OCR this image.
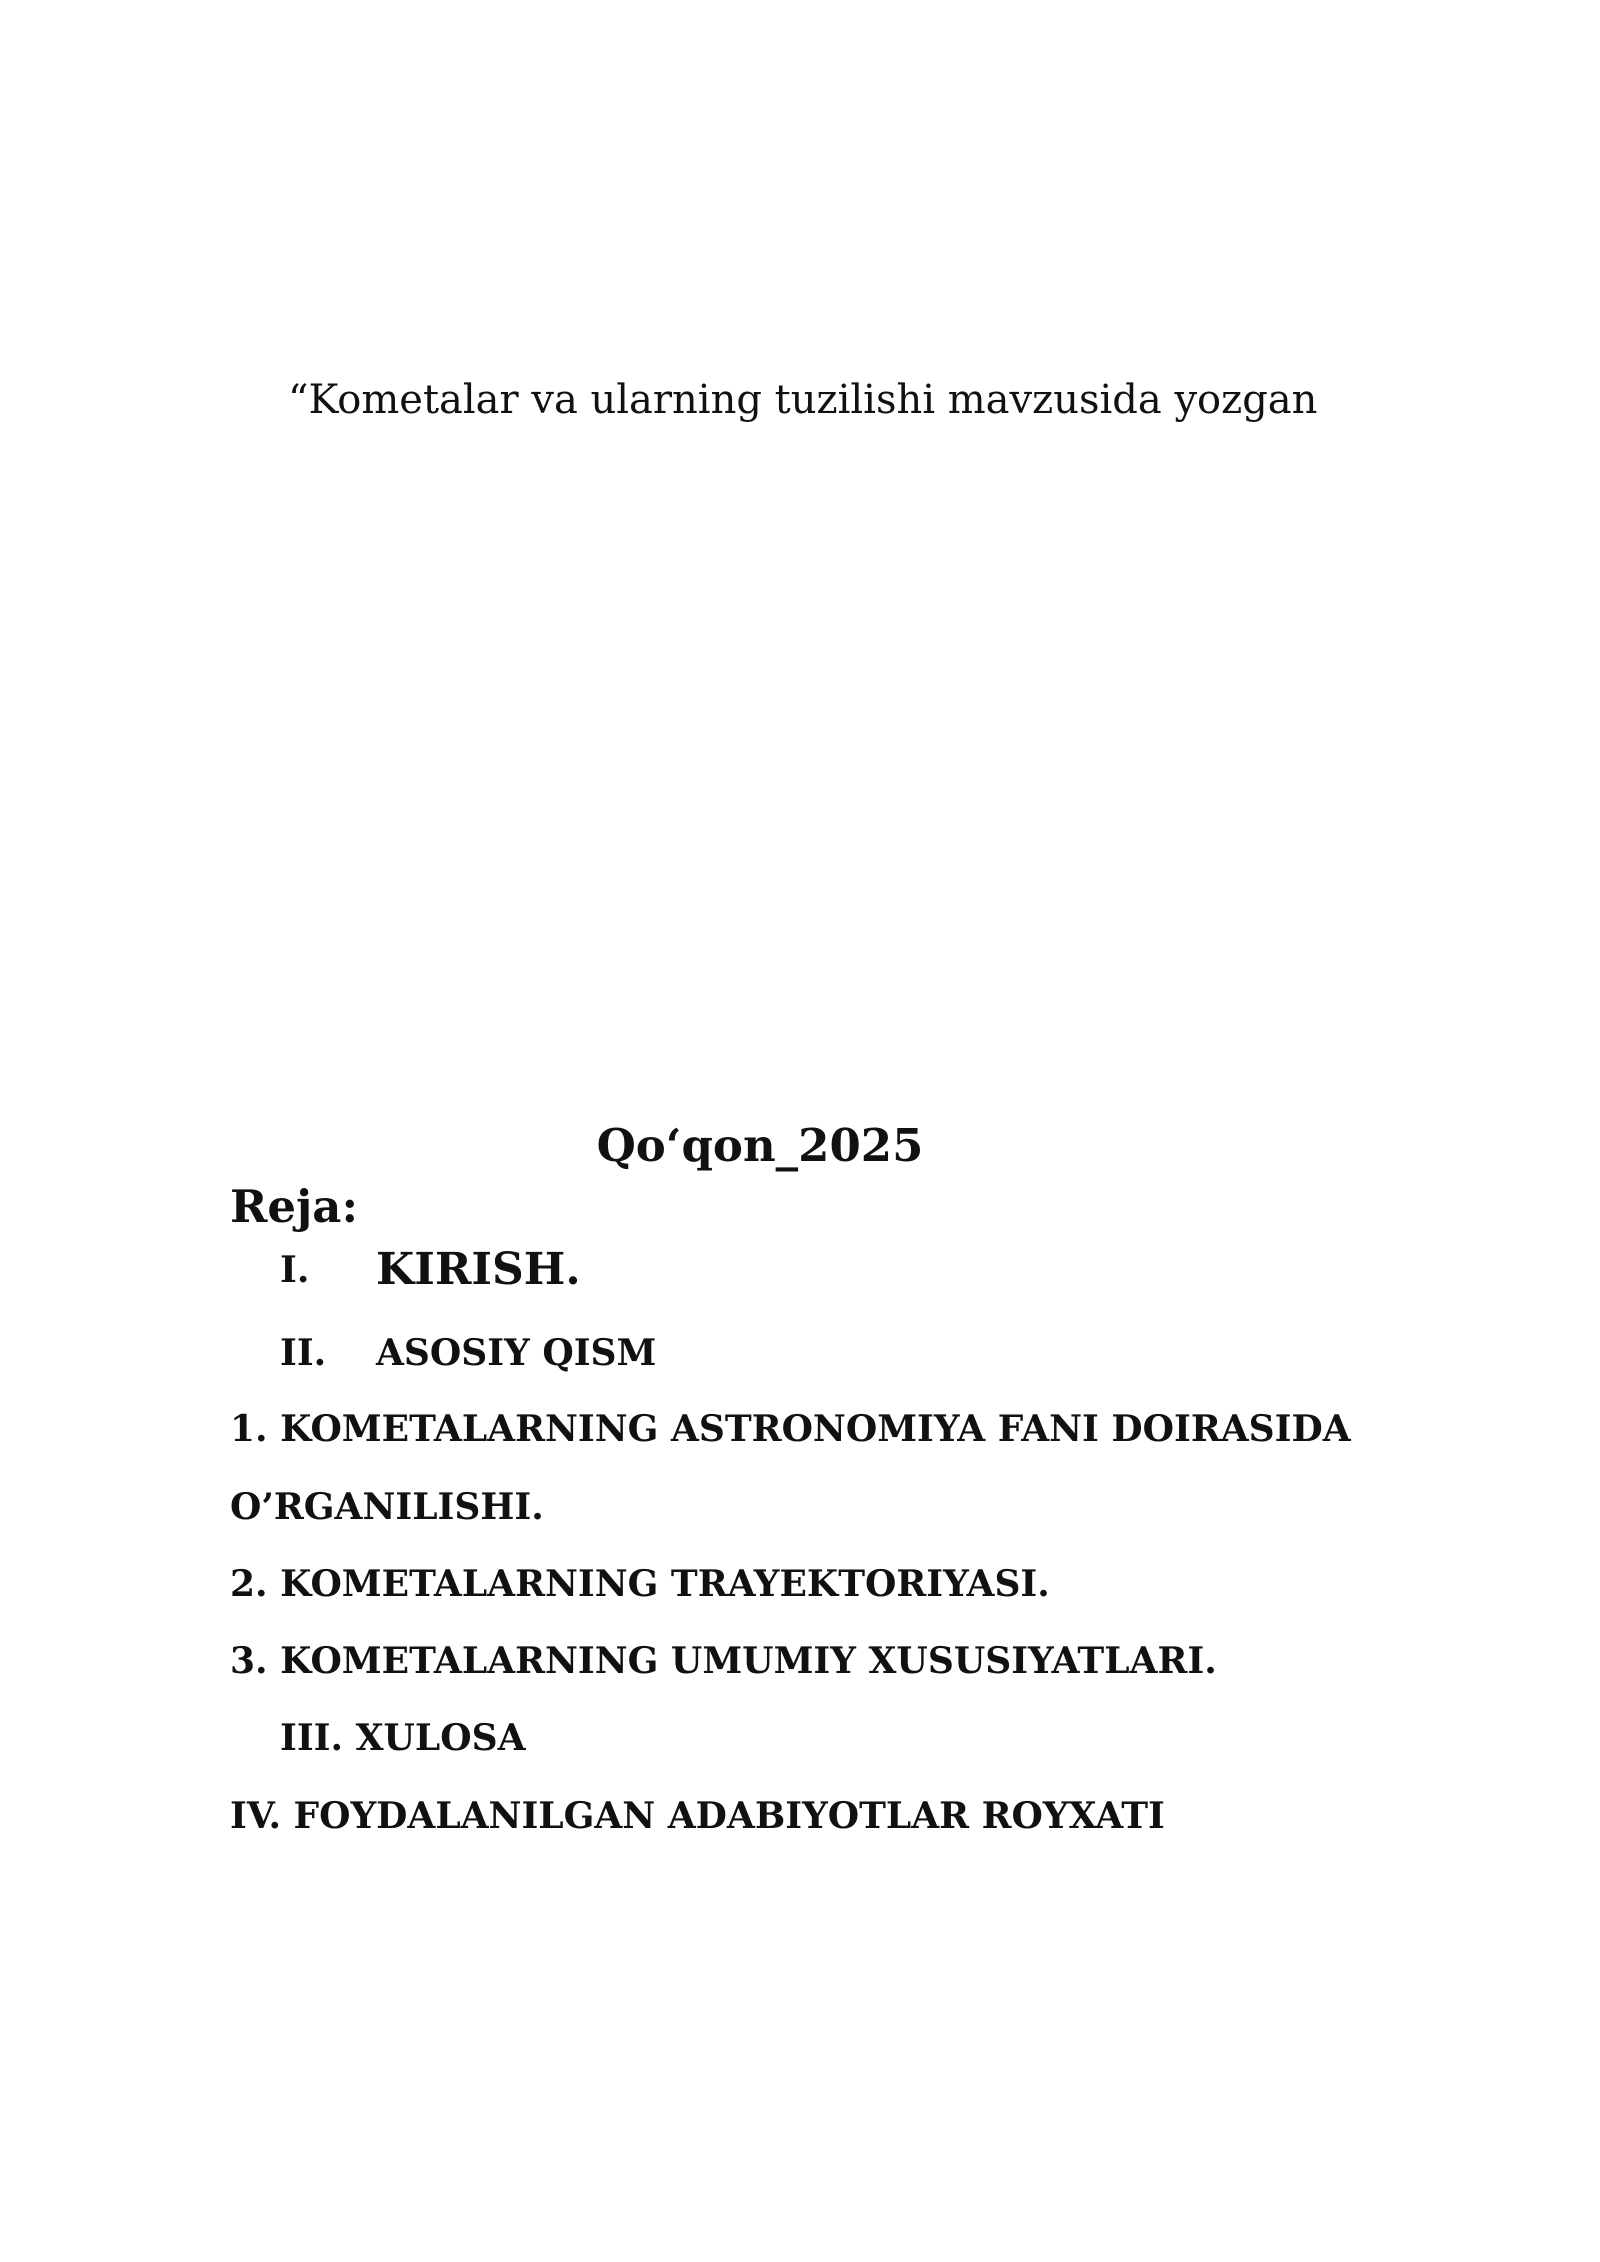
“Kometalar va ularning tuzilishi mavzusida yozgan

Qo‘qon_2025
Reja:
I. KIRISH.
II. ASOSIY QISM
1. KOMETALARNING ASTRONOMIYA FANI DOIRASIDA
O’RGANILISHI.
2. KOMETALARNING TRAYEKTORIYASI.
3. KOMETALARNING UMUMIY XUSUSIYATLARI.
III. XULOSA
IV. FOYDALANILGAN ADABIYOTLAR ROYXATI
